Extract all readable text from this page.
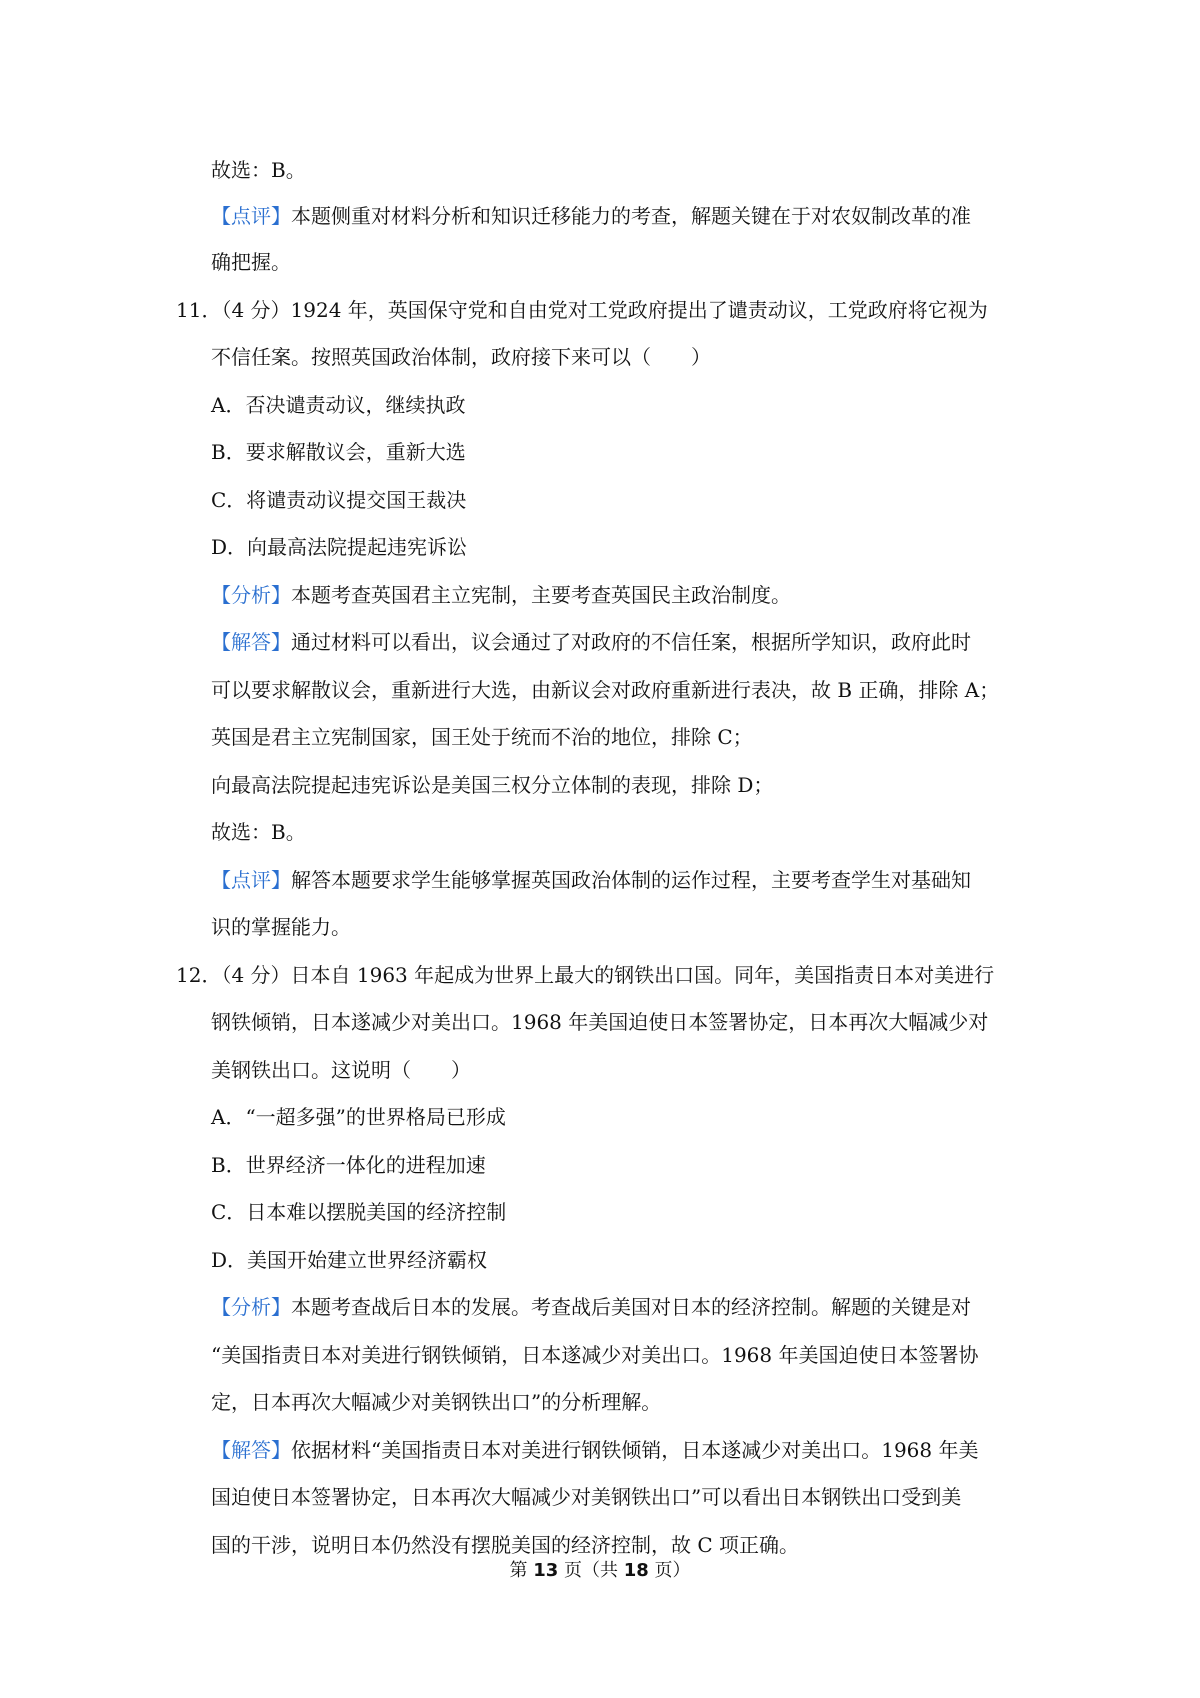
故选：B。
【点评】本题侧重对材料分析和知识迁移能力的考查，解题关键在于对农奴制改革的准
确把握。
11．（4 分）1924 年，英国保守党和自由党对工党政府提出了谴责动议，工党政府将它视为
不信任案。按照英国政治体制，政府接下来可以（　　）
A．否决谴责动议，继续执政
B．要求解散议会，重新大选
C．将谴责动议提交国王裁决
D．向最高法院提起违宪诉讼
【分析】本题考查英国君主立宪制，主要考查英国民主政治制度。
【解答】通过材料可以看出，议会通过了对政府的不信任案，根据所学知识，政府此时
可以要求解散议会，重新进行大选，由新议会对政府重新进行表决，故 B 正确，排除 A；
英国是君主立宪制国家，国王处于统而不治的地位，排除 C；
向最高法院提起违宪诉讼是美国三权分立体制的表现，排除 D；
故选：B。
【点评】解答本题要求学生能够掌握英国政治体制的运作过程，主要考查学生对基础知
识的掌握能力。
12．（4 分）日本自 1963 年起成为世界上最大的钢铁出口国。同年，美国指责日本对美进行
钢铁倾销，日本遂减少对美出口。1968 年美国迫使日本签署协定，日本再次大幅减少对
美钢铁出口。这说明（　　）
A．“一超多强”的世界格局已形成
B．世界经济一体化的进程加速
C．日本难以摆脱美国的经济控制
D．美国开始建立世界经济霸权
【分析】本题考查战后日本的发展。考查战后美国对日本的经济控制。解题的关键是对
“美国指责日本对美进行钢铁倾销，日本遂减少对美出口。1968 年美国迫使日本签署协
定，日本再次大幅减少对美钢铁出口”的分析理解。
【解答】依据材料“美国指责日本对美进行钢铁倾销，日本遂减少对美出口。1968 年美
国迫使日本签署协定，日本再次大幅减少对美钢铁出口”可以看出日本钢铁出口受到美
国的干涉，说明日本仍然没有摆脱美国的经济控制，故 C 项正确。
第 13 页（共 18 页）
